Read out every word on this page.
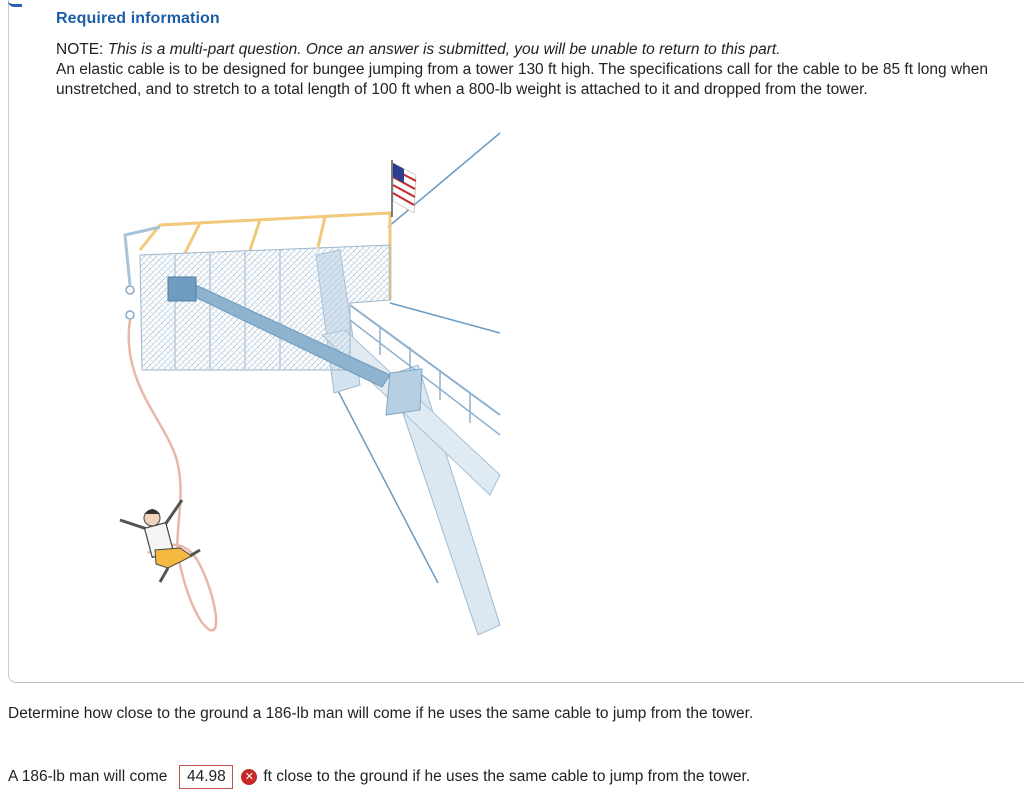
Required information
NOTE: This is a multi-part question. Once an answer is submitted, you will be unable to return to this part.
An elastic cable is to be designed for bungee jumping from a tower 130 ft high. The specifications call for the cable to be 85 ft long when unstretched, and to stretch to a total length of 100 ft when a 800-lb weight is attached to it and dropped from the tower.
Determine how close to the ground a 186-lb man will come if he uses the same cable to jump from the tower.
A 186-lb man will come	44.98	✕ ft close to the ground if he uses the same cable to jump from the tower.
